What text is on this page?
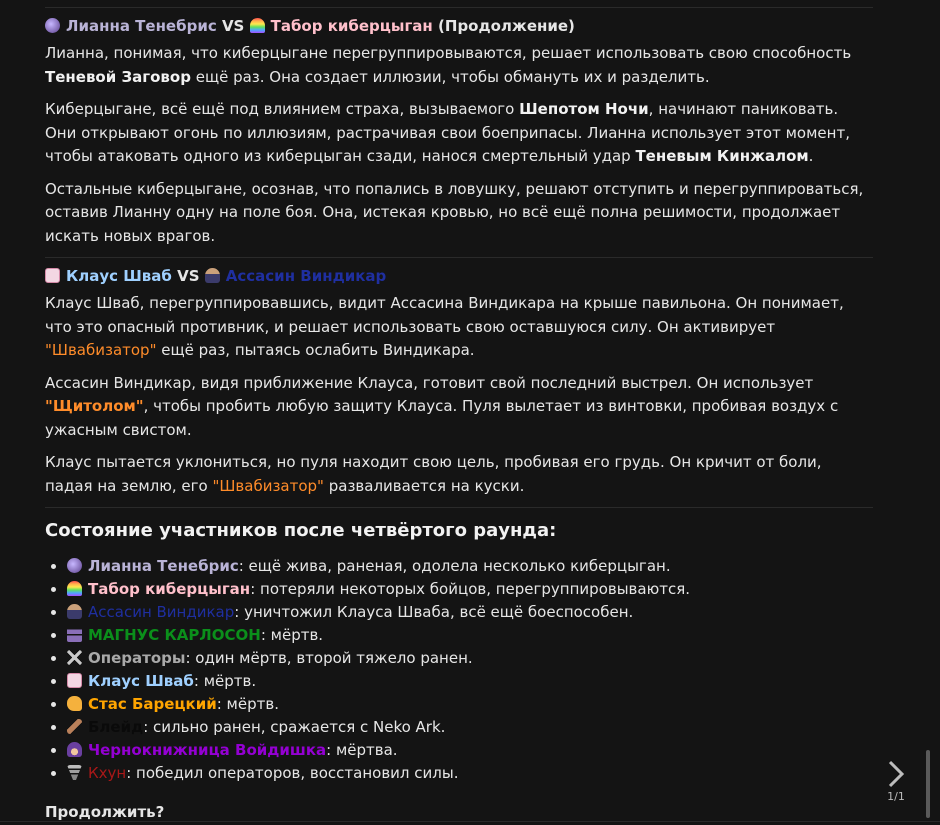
Лианна Тенебрис VS Табор киберцыган (Продолжение)

Лианна, понимая, что киберцыгане перегруппировываются, решает использовать свою способность Теневой Заговор ещё раз. Она создает иллюзии, чтобы обмануть их и разделить.

Киберцыгане, всё ещё под влиянием страха, вызываемого Шепотом Ночи, начинают паниковать. Они открывают огонь по иллюзиям, растрачивая свои боеприпасы. Лианна использует этот момент, чтобы атаковать одного из киберцыган сзади, нанося смертельный удар Теневым Кинжалом.

Остальные киберцыгане, осознав, что попались в ловушку, решают отступить и перегруппироваться, оставив Лианну одну на поле боя. Она, истекая кровью, но всё ещё полна решимости, продолжает искать новых врагов.

Клаус Шваб VS Ассасин Виндикар

Клаус Шваб, перегруппировавшись, видит Ассасина Виндикара на крыше павильона. Он понимает, что это опасный противник, и решает использовать свою оставшуюся силу. Он активирует "Швабизатор" ещё раз, пытаясь ослабить Виндикара.

Ассасин Виндикар, видя приближение Клауса, готовит свой последний выстрел. Он использует "Щитолом", чтобы пробить любую защиту Клауса. Пуля вылетает из винтовки, пробивая воздух с ужасным свистом.

Клаус пытается уклониться, но пуля находит свою цель, пробивая его грудь. Он кричит от боли, падая на землю, его "Швабизатор" разваливается на куски.

Состояние участников после четвёртого раунда:
• Лианна Тенебрис: ещё жива, раненая, одолела несколько киберцыган.
• Табор киберцыган: потеряли некоторых бойцов, перегруппировываются.
• Ассасин Виндикар: уничтожил Клауса Шваба, всё ещё боеспособен.
• МАГНУС КАРЛОСОН: мёртв.
• Операторы: один мёртв, второй тяжело ранен.
• Клаус Шваб: мёртв.
• Стас Барецкий: мёртв.
• Блейд: сильно ранен, сражается с Neko Ark.
• Чернокнижница Войдишка: мёртва.
• Кхун: победил операторов, восстановил силы.
Продолжить?
1/1
